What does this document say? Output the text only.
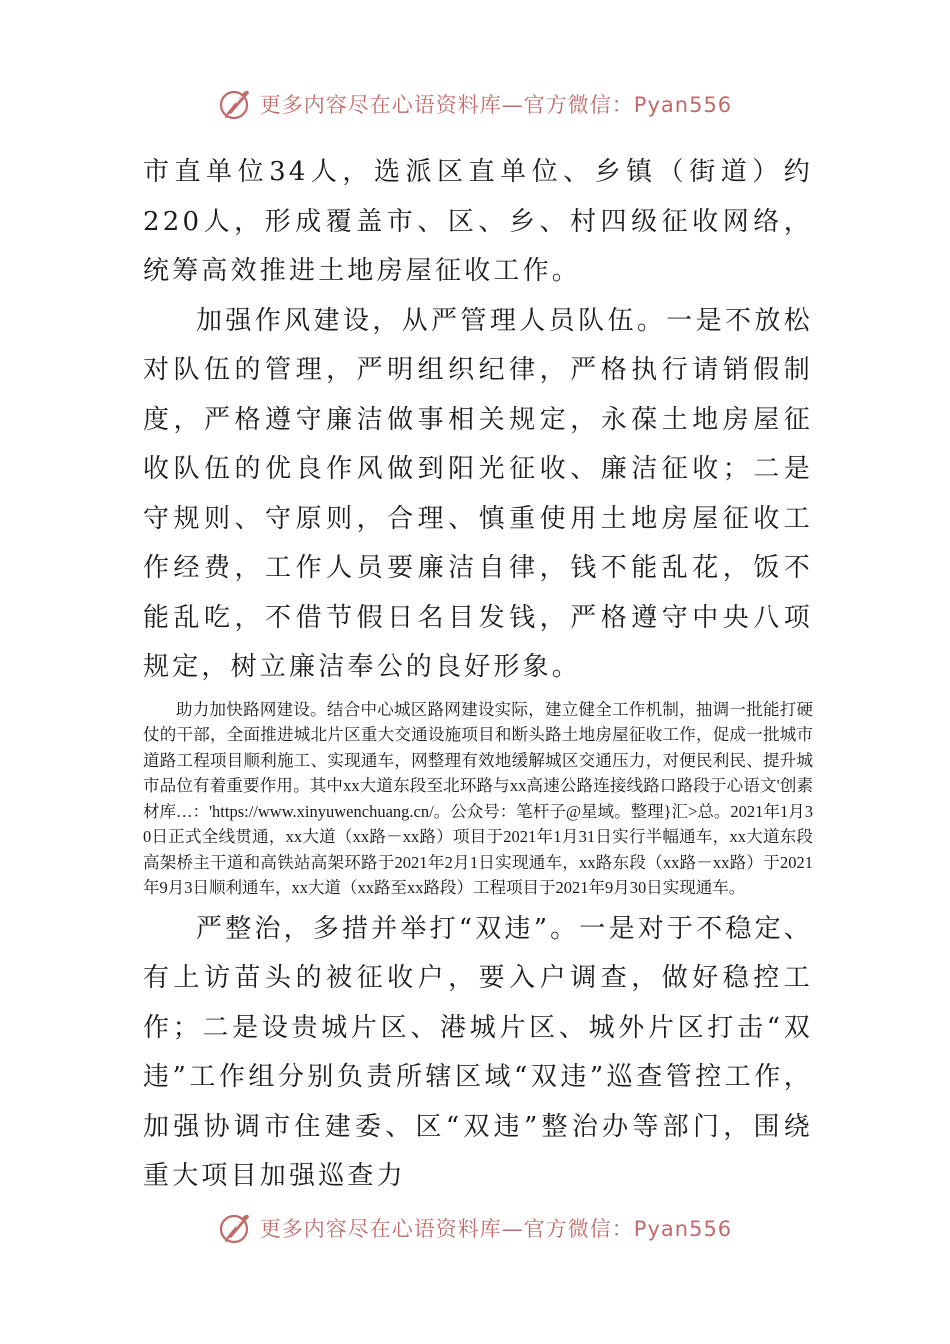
更多内容尽在心语资料库—官方微信：Pyan556

市直单位34人，选派区直单位、乡镇（街道）约220人，形成覆盖市、区、乡、村四级征收网络，统筹高效推进土地房屋征收工作。

加强作风建设，从严管理人员队伍。一是不放松对队伍的管理，严明组织纪律，严格执行请销假制度，严格遵守廉洁做事相关规定，永葆土地房屋征收队伍的优良作风做到阳光征收、廉洁征收；二是守规则、守原则，合理、慎重使用土地房屋征收工作经费，工作人员要廉洁自律，钱不能乱花，饭不能乱吃，不借节假日名目发钱，严格遵守中央八项规定，树立廉洁奉公的良好形象。

助力加快路网建设。结合中心城区路网建设实际，建立健全工作机制，抽调一批能打硬仗的干部，全面推进城北片区重大交通设施项目和断头路土地房屋征收工作，促成一批城市道路工程项目顺利施工、实现通车，网整理有效地缓解城区交通压力，对便民利民、提升城市品位有着重要作用。其中xx大道东段至北环路与xx高速公路连接线路口路段于心语文'创素材库…：'https://www.xinyuwenchuang.cn/。公众号：笔杆子@星域。整理}汇>总。2021年1月30日正式全线贯通，xx大道（xx路－xx路）项目于2021年1月31日实行半幅通车，xx大道东段高架桥主干道和高铁站高架环路于2021年2月1日实现通车，xx路东段（xx路－xx路）于2021年9月3日顺利通车，xx大道（xx路至xx路段）工程项目于2021年9月30日实现通车。

严整治，多措并举打“双违”。一是对于不稳定、有上访苗头的被征收户，要入户调查，做好稳控工作；二是设贵城片区、港城片区、城外片区打击“双违”工作组分别负责所辖区域“双违”巡查管控工作，加强协调市住建委、区“双违”整治办等部门，围绕重大项目加强巡查力

更多内容尽在心语资料库—官方微信：Pyan556
